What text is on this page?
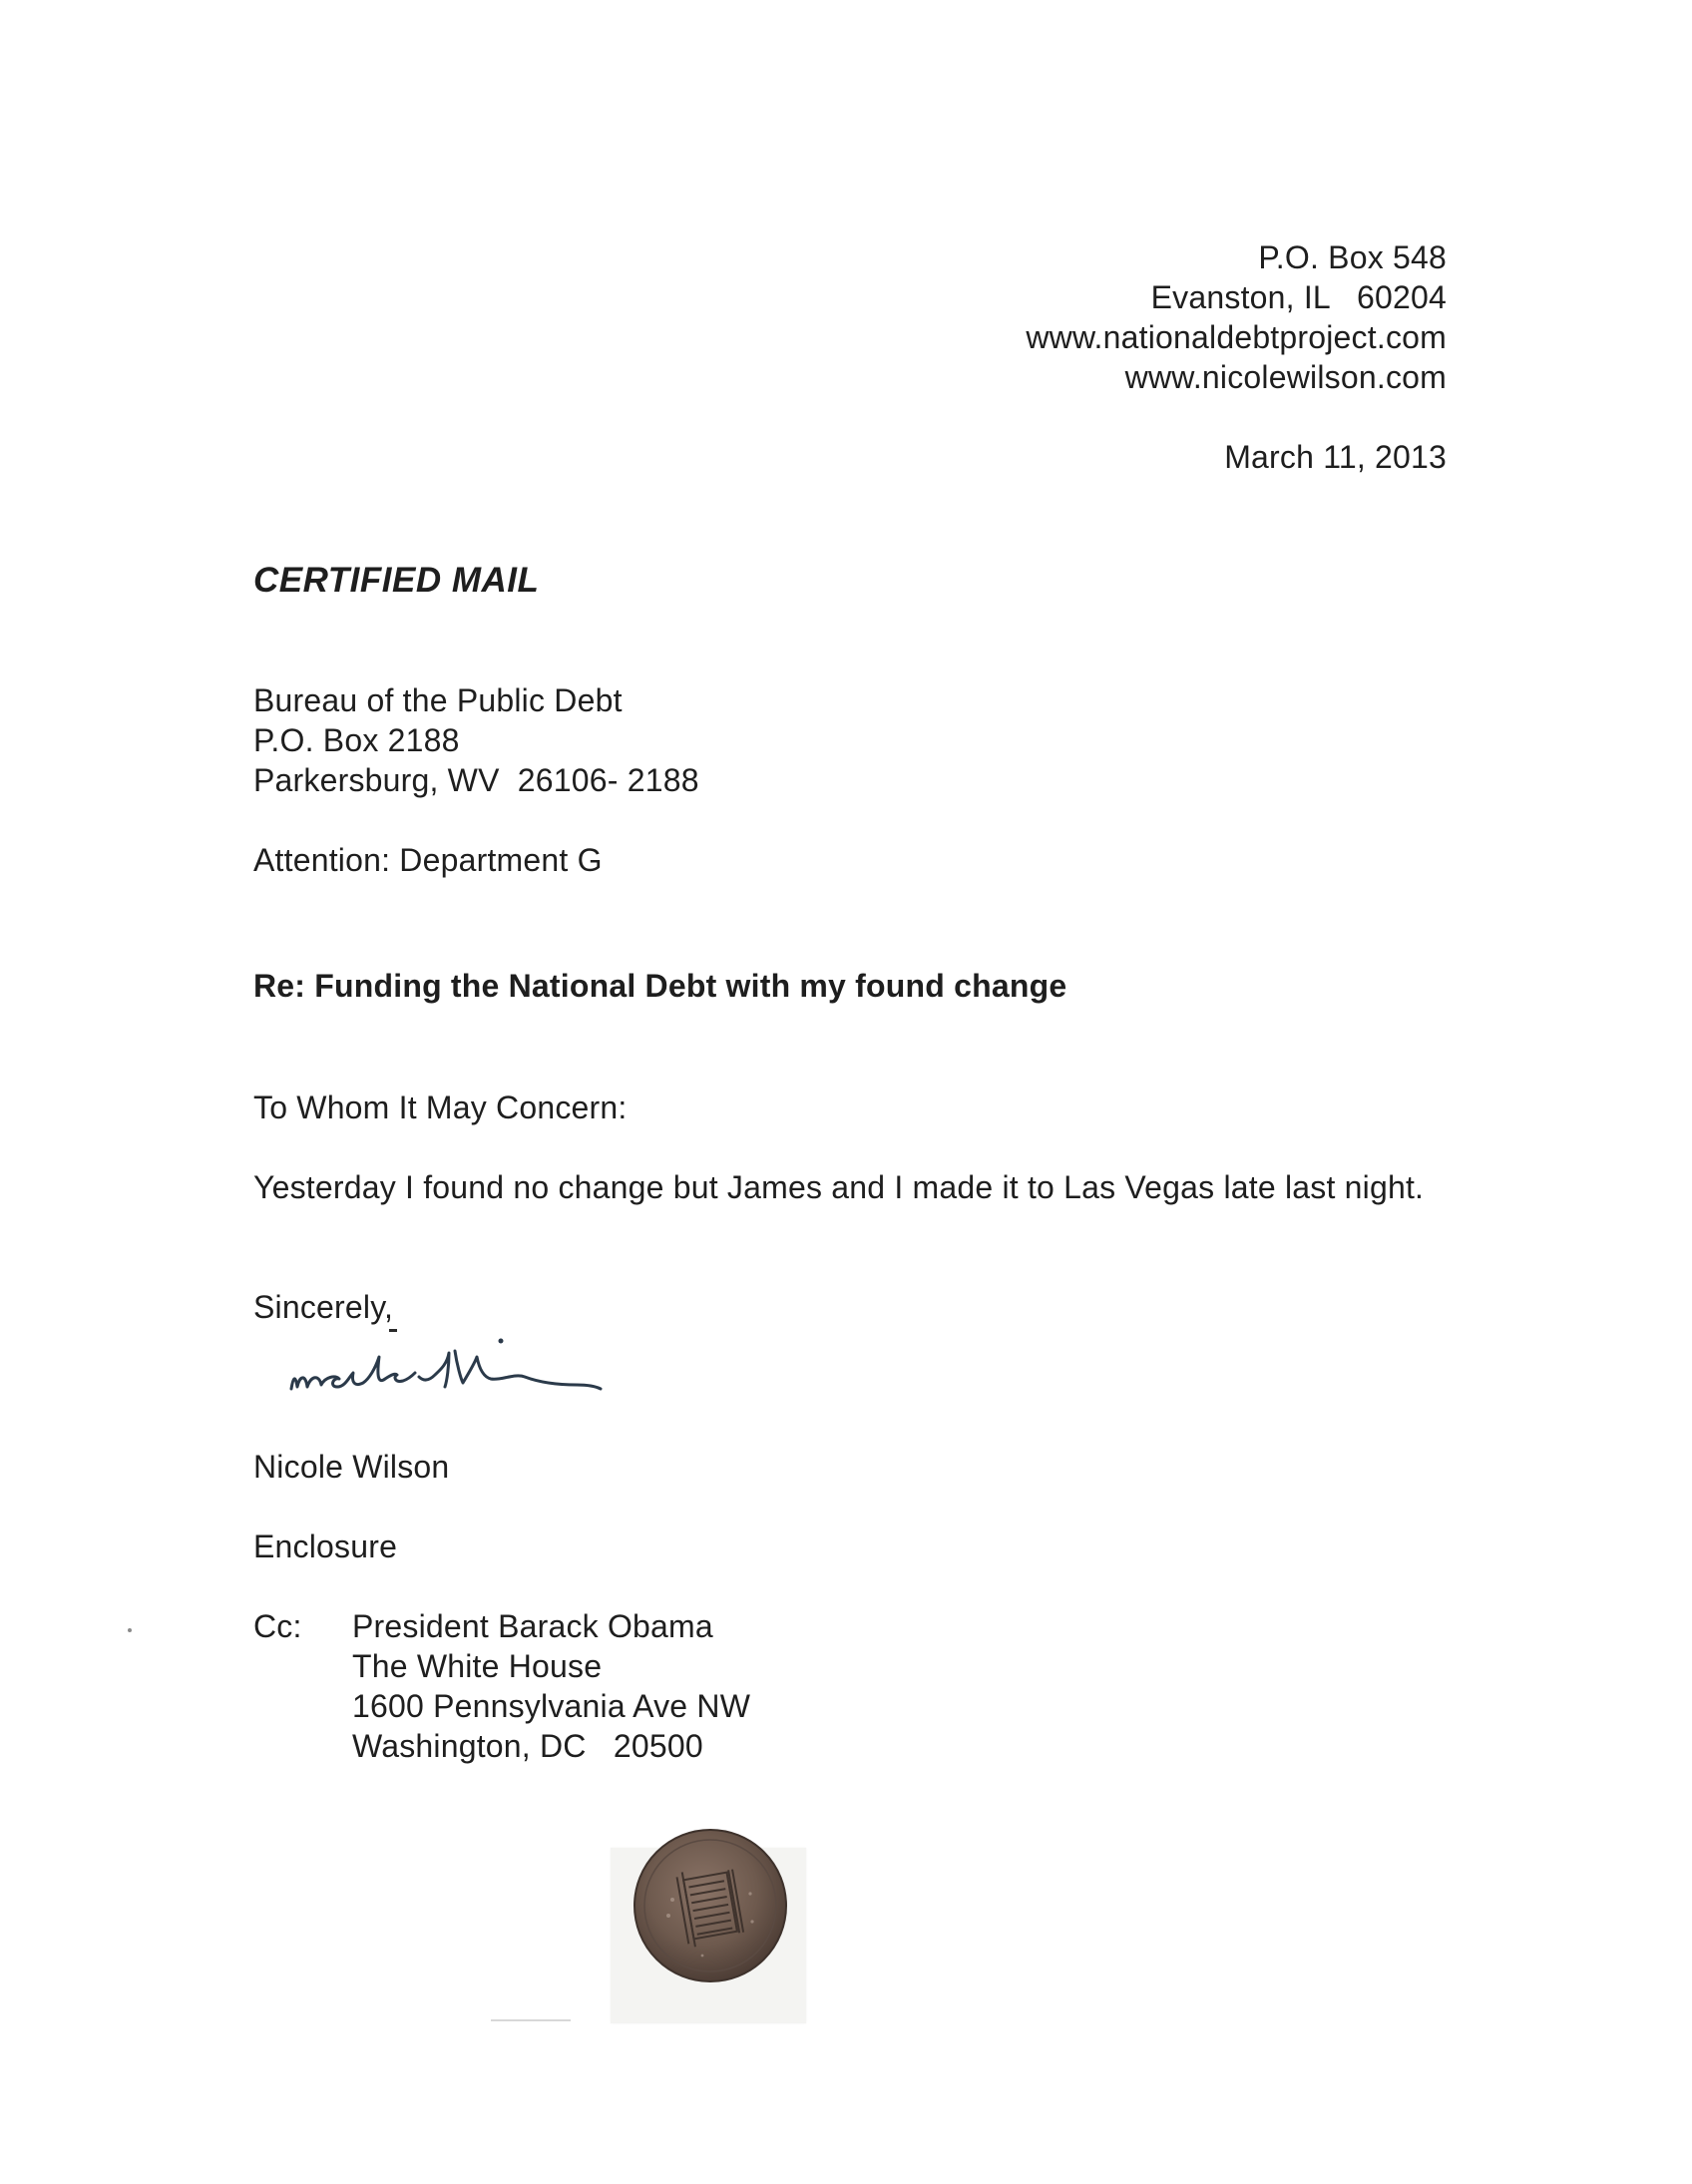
P.O. Box 548
Evanston, IL   60204
www.nationaldebtproject.com
www.nicolewilson.com
March 11, 2013
CERTIFIED MAIL
Bureau of the Public Debt
P.O. Box 2188
Parkersburg, WV  26106- 2188
Attention: Department G
Re: Funding the National Debt with my found change
To Whom It May Concern:
Yesterday I found no change but James and I made it to Las Vegas late last night.
Sincerely,
Nicole Wilson
Enclosure
Cc: President Barack Obama
The White House
1600 Pennsylvania Ave NW
Washington, DC   20500
